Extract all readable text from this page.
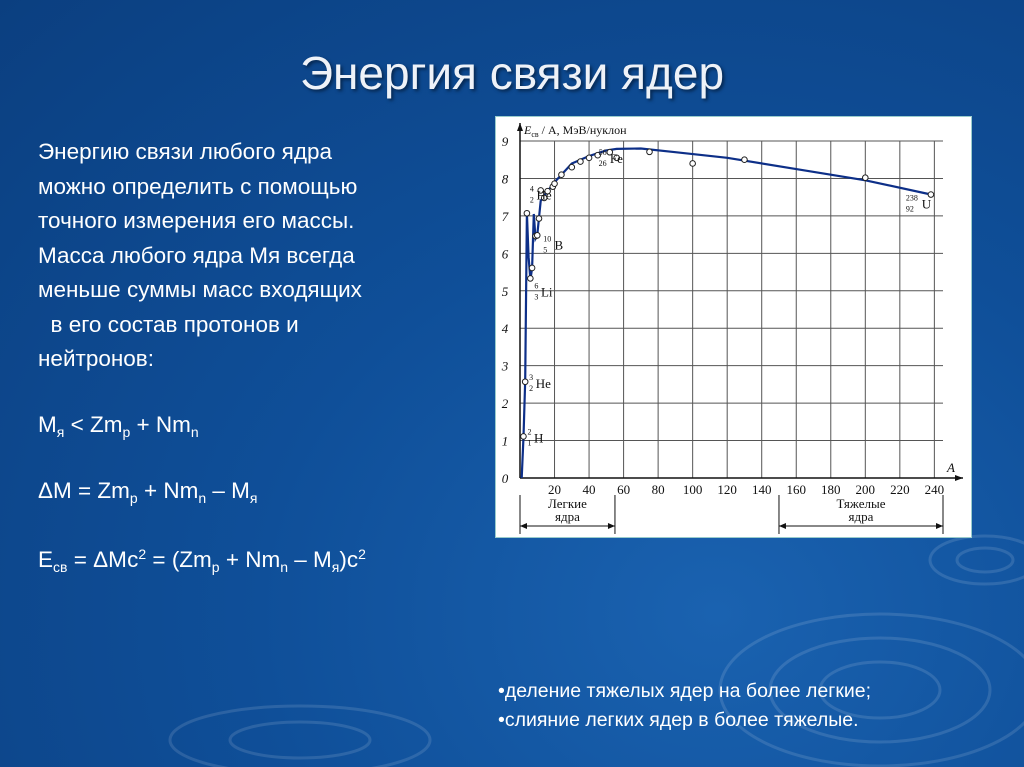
Энергия связи ядер
Энергию связи любого ядра
можно определить с помощью
точного измерения его массы.
Масса любого ядра Мя всегда
меньше суммы масс входящих
в его состав протонов и
нейтронов:
$М_я < Zm_p + Nm_n$
$\Delta М = Zm_p + Nm_n - М_я$
$Е_{св} = \Delta Мс^2 = (Zm_p + Nm_n - М_я)с^2$
20 40 60 80 100 120 140 160 180 200 220 240
0
1
2
3
4
5
6
7
8
9
A
$E_{св}$ / A, МэВ/нуклон
4
2 He
56
26 Fe
238
92 U
10
5 B
6
3 Li
3
2 He
2
1 H
Легкие
ядра
Тяжелые
ядра
•деление тяжелых ядер на более легкие;
•слияние легких ядер в более тяжелые.
